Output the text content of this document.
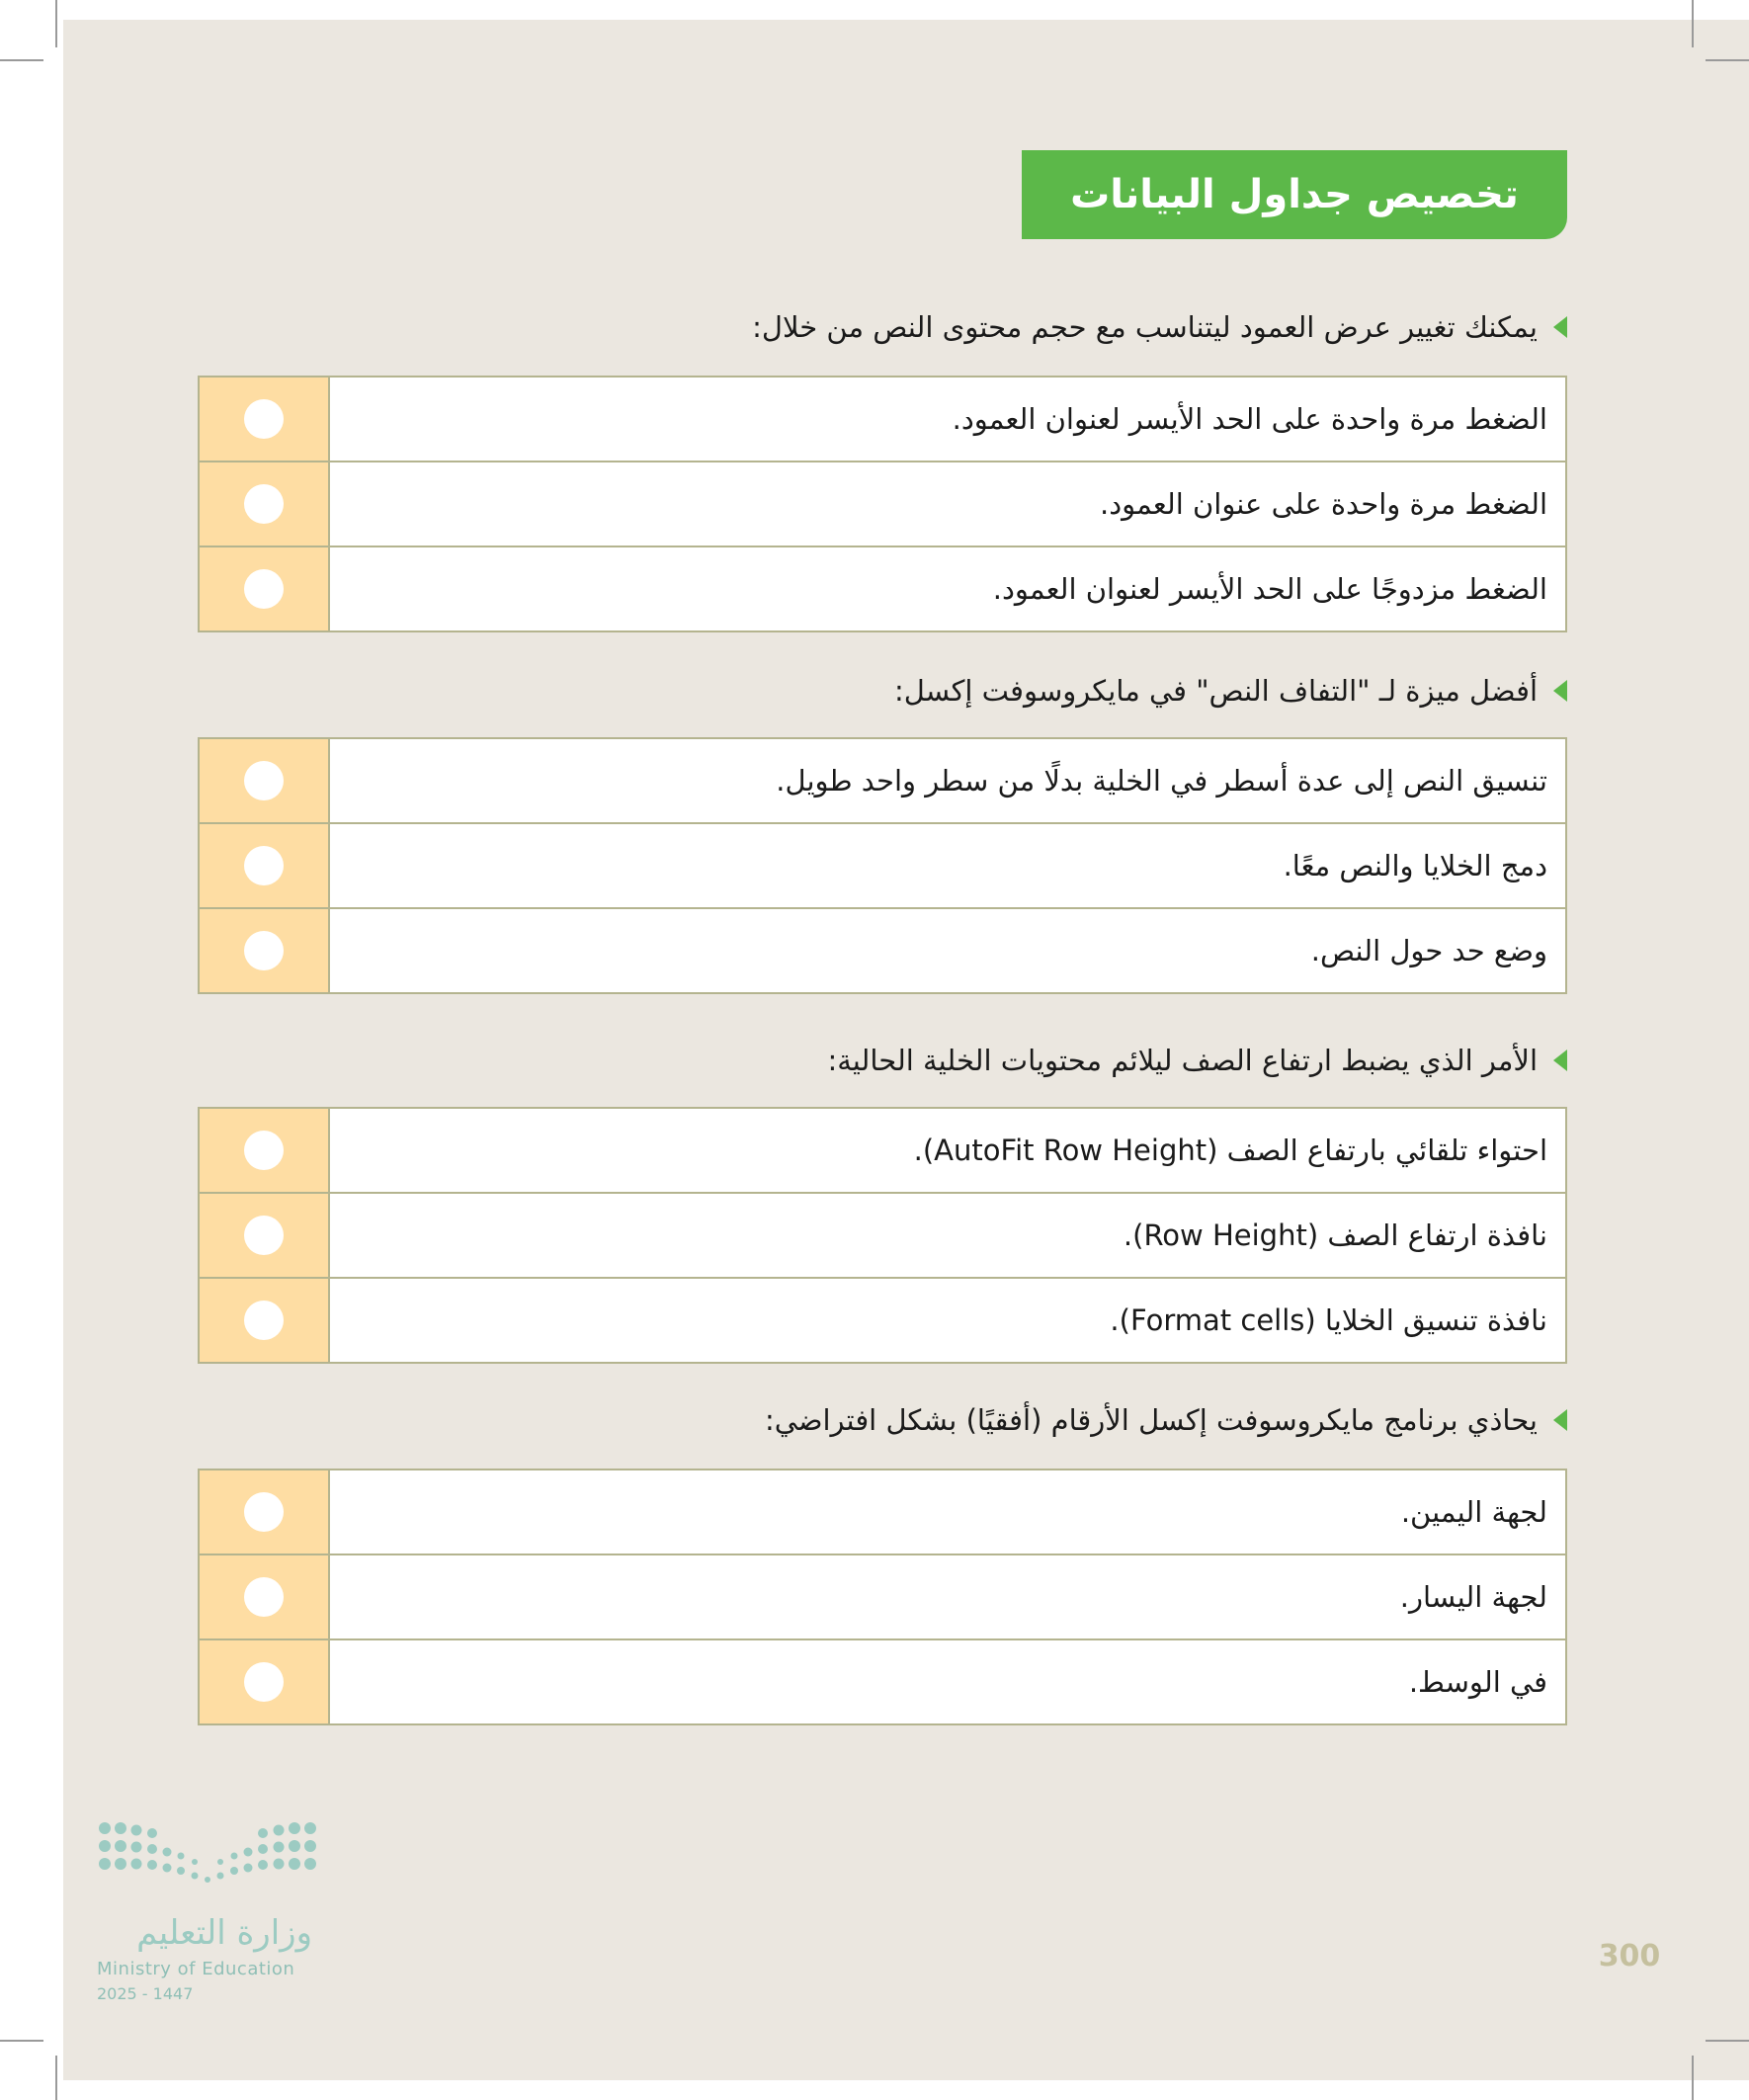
تخصيص جداول البيانات
يمكنك تغيير عرض العمود ليتناسب مع حجم محتوى النص من خلال:
الضغط مرة واحدة على الحد الأيسر لعنوان العمود.
الضغط مرة واحدة على عنوان العمود.
الضغط مزدوجًا على الحد الأيسر لعنوان العمود.
أفضل ميزة لـ "التفاف النص" في مايكروسوفت إكسل:
تنسيق النص إلى عدة أسطر في الخلية بدلًا من سطر واحد طويل.
دمج الخلايا والنص معًا.
وضع حد حول النص.
الأمر الذي يضبط ارتفاع الصف ليلائم محتويات الخلية الحالية:
احتواء تلقائي بارتفاع الصف (AutoFit Row Height).
نافذة ارتفاع الصف (Row Height).
نافذة تنسيق الخلايا (Format cells).
يحاذي برنامج مايكروسوفت إكسل الأرقام (أفقيًا) بشكل افتراضي:
لجهة اليمين.
لجهة اليسار.
في الوسط.
وزارة التعليم
Ministry of Education
2025 - 1447
300
